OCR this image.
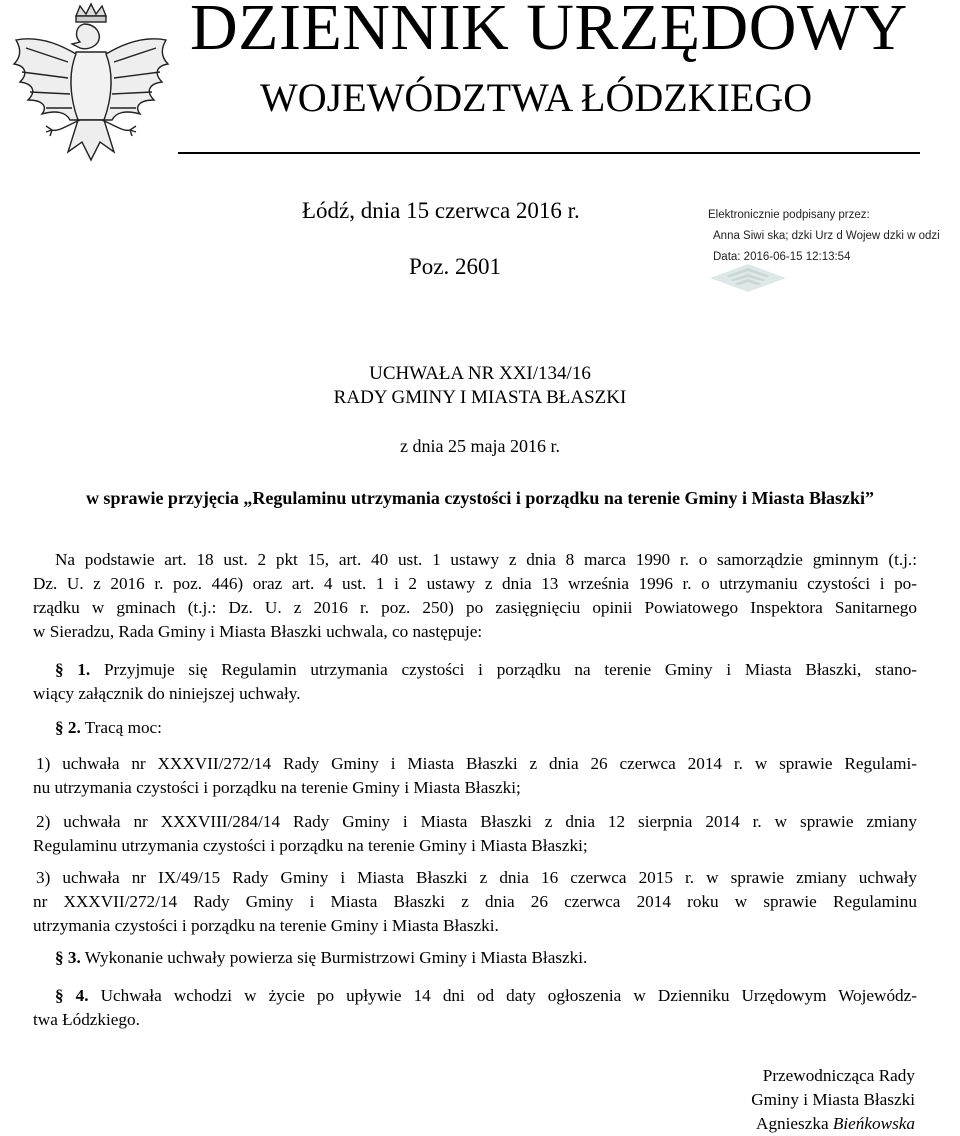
DZIENNIK URZĘDOWY
WOJEWÓDZTWA ŁÓDZKIEGO
Łódź, dnia 15 czerwca 2016 r.
Poz. 2601
Elektronicznie podpisany przez:
Anna Siwi ska; dzki Urz d Wojew dzki w odzi
Data: 2016-06-15 12:13:54
UCHWAŁA NR XXI/134/16
RADY GMINY I MIASTA BŁASZKI
z dnia 25 maja 2016 r.
w sprawie przyjęcia „Regulaminu utrzymania czystości i porządku na terenie Gminy i Miasta Błaszki”
Na podstawie art. 18 ust. 2 pkt 15, art. 40 ust. 1 ustawy z dnia 8 marca 1990 r. o samorządzie gminnym (t.j.:
Dz. U. z 2016 r. poz. 446) oraz art. 4 ust. 1 i 2 ustawy z dnia 13 września 1996 r. o utrzymaniu czystości i po-
rządku w gminach (t.j.: Dz. U. z 2016 r. poz. 250) po zasięgnięciu opinii Powiatowego Inspektora Sanitarnego
w Sieradzu, Rada Gminy i Miasta Błaszki uchwala, co następuje:
§ 1. Przyjmuje się Regulamin utrzymania czystości i porządku na terenie Gminy i Miasta Błaszki, stano-
wiący załącznik do niniejszej uchwały.
§ 2. Tracą moc:
1) uchwała nr XXXVII/272/14 Rady Gminy i Miasta Błaszki z dnia 26 czerwca 2014 r. w sprawie Regulami-
nu utrzymania czystości i porządku na terenie Gminy i Miasta Błaszki;
2) uchwała nr XXXVIII/284/14 Rady Gminy i Miasta Błaszki z dnia 12 sierpnia 2014 r. w sprawie zmiany
Regulaminu utrzymania czystości i porządku na terenie Gminy i Miasta Błaszki;
3) uchwała nr IX/49/15 Rady Gminy i Miasta Błaszki z dnia 16 czerwca 2015 r. w sprawie zmiany uchwały
nr XXXVII/272/14 Rady Gminy i Miasta Błaszki z dnia 26 czerwca 2014 roku w sprawie Regulaminu
utrzymania czystości i porządku na terenie Gminy i Miasta Błaszki.
§ 3. Wykonanie uchwały powierza się Burmistrzowi Gminy i Miasta Błaszki.
§ 4. Uchwała wchodzi w życie po upływie 14 dni od daty ogłoszenia w Dzienniku Urzędowym Wojewódz-
twa Łódzkiego.
Przewodnicząca Rady
Gminy i Miasta Błaszki
Agnieszka Bieńkowska
